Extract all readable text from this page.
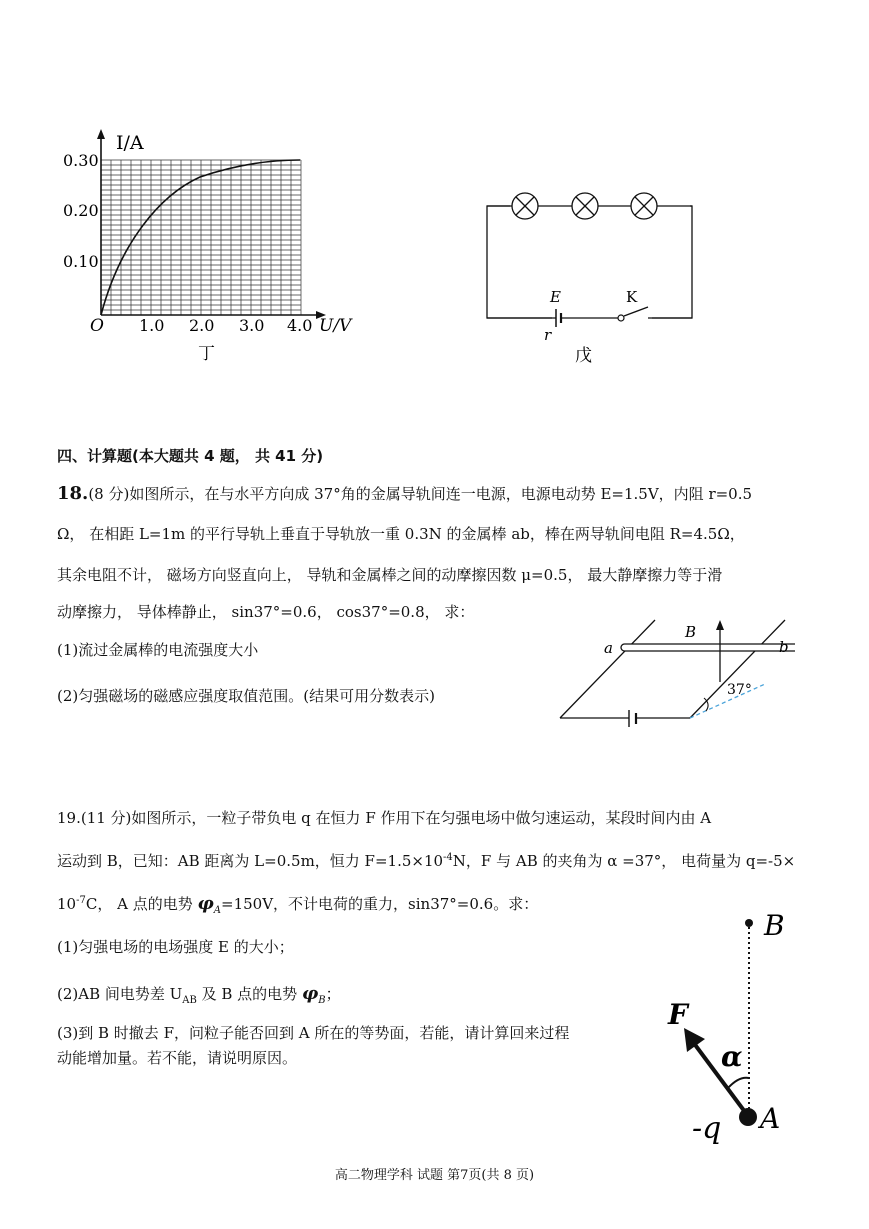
I/A
0.30
0.20
0.10
O 1.0 2.0 3.0 4.0 U/V
丁
E
r
K
戊
四、计算题(本大题共 4 题， 共 41 分)
18.(8 分)如图所示，在与水平方向成 37°角的金属导轨间连一电源，电源电动势 E=1.5V，内阻 r=0.5
Ω， 在相距 L=1m 的平行导轨上垂直于导轨放一重 0.3N 的金属棒 ab，棒在两导轨间电阻 R=4.5Ω，
其余电阻不计， 磁场方向竖直向上， 导轨和金属棒之间的动摩擦因数 μ=0.5， 最大静摩擦力等于滑
动摩擦力， 导体棒静止， sin37°=0.6， cos37°=0.8， 求：
(1)流过金属棒的电流强度大小
(2)匀强磁场的磁感应强度取值范围。(结果可用分数表示)
a	b
B
37°
19.(11 分)如图所示，一粒子带负电 q 在恒力 F 作用下在匀强电场中做匀速运动，某段时间内由 A
运动到 B，已知：AB 距离为 L=0.5m，恒力 $F=1.5\times 10^{-4}N$，F 与 AB 的夹角为 α =37°， 电荷量为 q=-5×
$10^{-7}C$， A 点的电势 $\varphi_A=150V$，不计电荷的重力，sin37°=0.6。求：
(1)匀强电场的电场强度 E 的大小；
(2)AB 间电势差 $U_{AB}$ 及 B 点的电势 $\varphi_B$；
(3)到 B 时撤去 F，问粒子能否回到 A 所在的等势面，若能，请计算回来过程
动能增加量。若不能，请说明原因。
B
F
α
A
-q
高二物理学科 试题 第7页(共 8 页)
